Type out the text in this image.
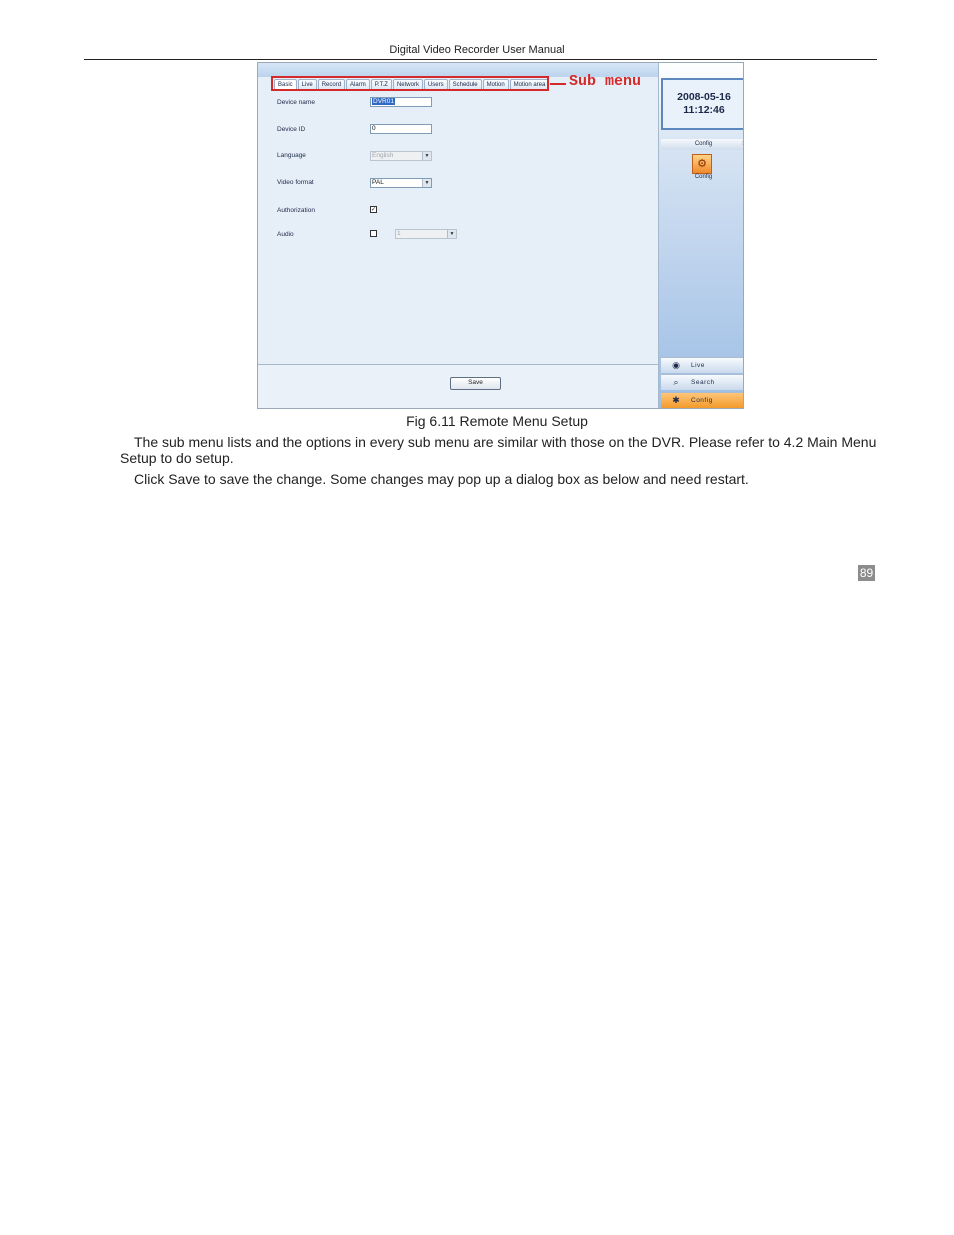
Digital Video Recorder User Manual
Basic	Live	Record	Alarm	P.T.Z	Network	Users	Schedule	Motion	Motion area Sub menu
Device name	DVR01
Device ID	0
Language	English	▼
Video format	PAL	▼
Authorization	✓
Audio	1	▼
Save
2008-05-16
11:12:46
Config	⁝
⚙
Config
◉	Live
⌕	Search
✱	Config
Fig 6.11 Remote Menu Setup
The sub menu lists and the options in every sub menu are similar with those on the DVR. Please refer to 4.2 Main Menu
Setup to do setup.
Click Save to save the change. Some changes may pop up a dialog box as below and need restart.
89
